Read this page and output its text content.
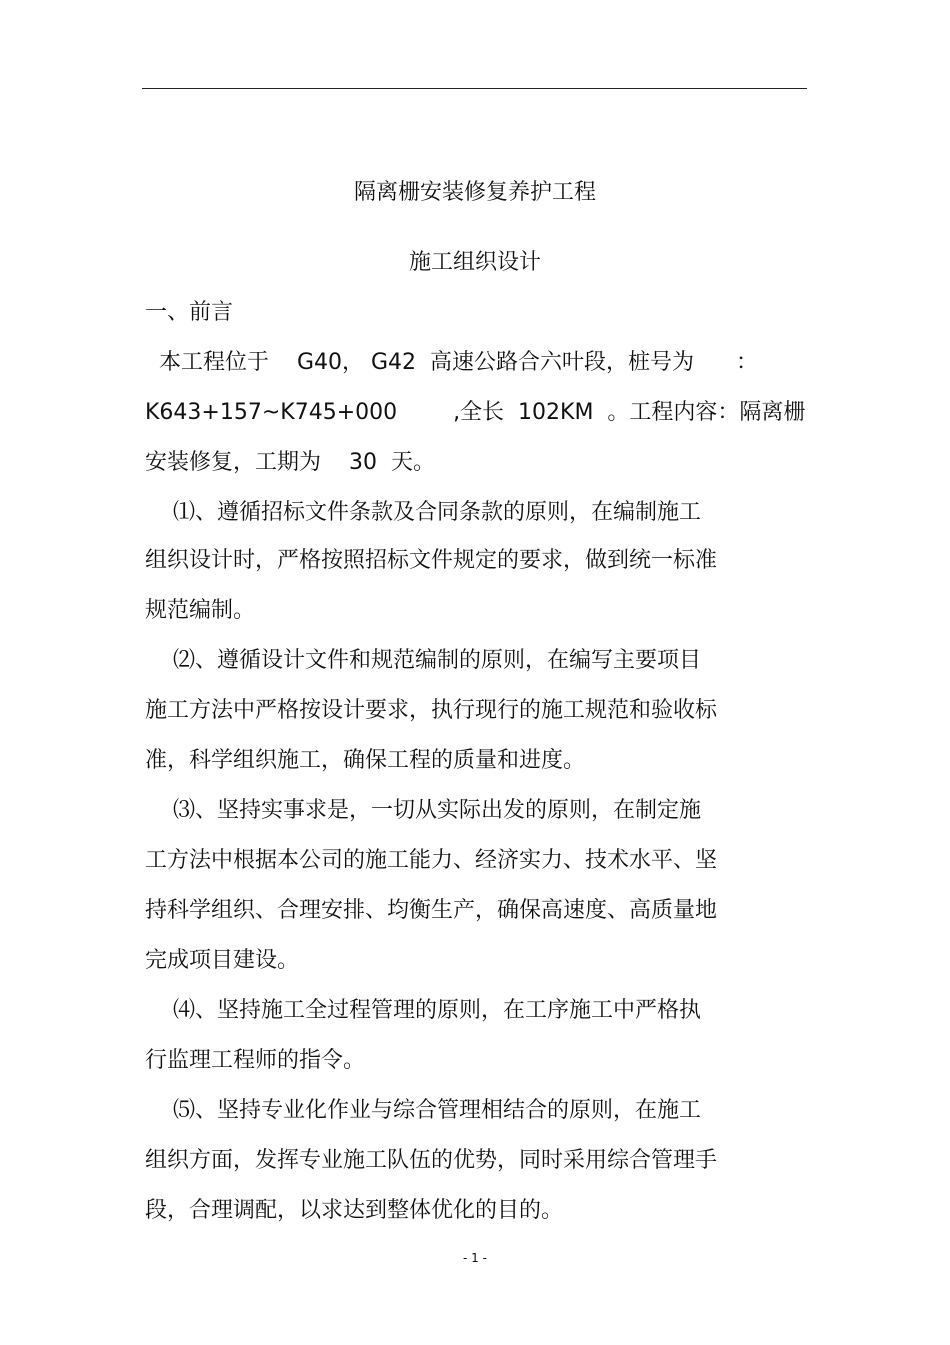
隔离栅安装修复养护工程
施工组织设计
一、前言
本工程位于    G40， G42  高速公路合六叶段，桩号为      ：
K643+157~K745+000        ,全长  102KM  。工程内容：隔离栅
安装修复，工期为    30  天。
⑴、遵循招标文件条款及合同条款的原则，在编制施工
组织设计时，严格按照招标文件规定的要求，做到统一标准
规范编制。
⑵、遵循设计文件和规范编制的原则，在编写主要项目
施工方法中严格按设计要求，执行现行的施工规范和验收标
准，科学组织施工，确保工程的质量和进度。
⑶、坚持实事求是，一切从实际出发的原则，在制定施
工方法中根据本公司的施工能力、经济实力、技术水平、坚
持科学组织、合理安排、均衡生产，确保高速度、高质量地
完成项目建设。
⑷、坚持施工全过程管理的原则，在工序施工中严格执
行监理工程师的指令。
⑸、坚持专业化作业与综合管理相结合的原则，在施工
组织方面，发挥专业施工队伍的优势，同时采用综合管理手
段，合理调配，以求达到整体优化的目的。
- 1 -
